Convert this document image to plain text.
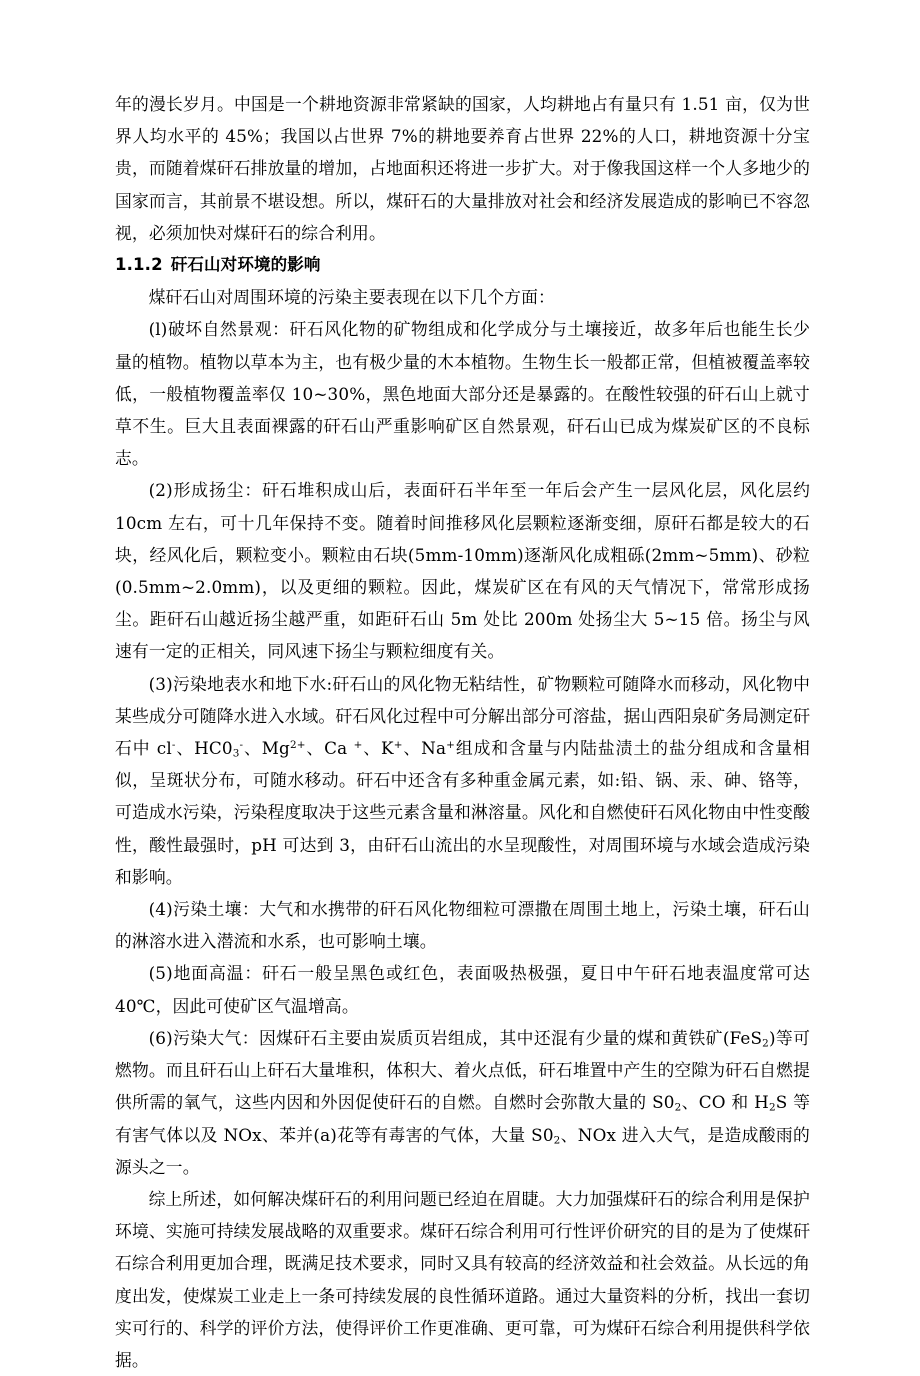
年的漫长岁月。中国是一个耕地资源非常紧缺的国家，人均耕地占有量只有 1.51 亩，仅为世界人均水平的 45%；我国以占世界 7%的耕地要养育占世界 22%的人口，耕地资源十分宝贵，而随着煤矸石排放量的增加，占地面积还将进一步扩大。对于像我国这样一个人多地少的国家而言，其前景不堪设想。所以，煤矸石的大量排放对社会和经济发展造成的影响已不容忽视，必须加快对煤矸石的综合利用。

1.1.2 矸石山对环境的影响

煤矸石山对周围环境的污染主要表现在以下几个方面：

(l)破坏自然景观：矸石风化物的矿物组成和化学成分与土壤接近，故多年后也能生长少量的植物。植物以草本为主，也有极少量的木本植物。生物生长一般都正常，但植被覆盖率较低，一般植物覆盖率仅 10~30%，黑色地面大部分还是暴露的。在酸性较强的矸石山上就寸草不生。巨大且表面裸露的矸石山严重影响矿区自然景观，矸石山已成为煤炭矿区的不良标志。

(2)形成扬尘：矸石堆积成山后，表面矸石半年至一年后会产生一层风化层，风化层约 10cm 左右，可十几年保持不变。随着时间推移风化层颗粒逐渐变细，原矸石都是较大的石块，经风化后，颗粒变小。颗粒由石块(5mm-10mm)逐渐风化成粗砾(2mm~5mm)、砂粒(0.5mm~2.0mm)，以及更细的颗粒。因此，煤炭矿区在有风的天气情况下，常常形成扬尘。距矸石山越近扬尘越严重，如距矸石山 5m 处比 200m 处扬尘大 5~15 倍。扬尘与风速有一定的正相关，同风速下扬尘与颗粒细度有关。

(3)污染地表水和地下水:矸石山的风化物无粘结性，矿物颗粒可随降水而移动，风化物中某些成分可随降水进入水域。矸石风化过程中可分解出部分可溶盐，据山西阳泉矿务局测定矸石中 cl-、$HC0_3^-$、$Mg^{2+}$、Ca +、K+、Na+组成和含量与内陆盐渍土的盐分组成和含量相似，呈斑状分布，可随水移动。矸石中还含有多种重金属元素，如:铅、锅、汞、砷、铬等，可造成水污染，污染程度取决于这些元素含量和淋溶量。风化和自燃使矸石风化物由中性变酸性，酸性最强时，pH 可达到 3，由矸石山流出的水呈现酸性，对周围环境与水域会造成污染和影响。

(4)污染土壤：大气和水携带的矸石风化物细粒可漂撒在周围土地上，污染土壤，矸石山的淋溶水进入潜流和水系，也可影响土壤。

(5)地面高温：矸石一般呈黑色或红色，表面吸热极强，夏日中午矸石地表温度常可达 40℃，因此可使矿区气温增高。

(6)污染大气：因煤矸石主要由炭质页岩组成，其中还混有少量的煤和黄铁矿(FeS$_2$)等可燃物。而且矸石山上矸石大量堆积，体积大、着火点低，矸石堆置中产生的空隙为矸石自燃提供所需的氧气，这些内因和外因促使矸石的自燃。自燃时会弥散大量的 $S0_2$、CO 和 $H_2S$ 等有害气体以及 NOx、苯并(a)花等有毒害的气体，大量 $S0_2$、NOx 进入大气，是造成酸雨的源头之一。

综上所述，如何解决煤矸石的利用问题已经迫在眉睫。大力加强煤矸石的综合利用是保护环境、实施可持续发展战略的双重要求。煤矸石综合利用可行性评价研究的目的是为了使煤矸石综合利用更加合理，既满足技术要求，同时又具有较高的经济效益和社会效益。从长远的角度出发，使煤炭工业走上一条可持续发展的良性循环道路。通过大量资料的分析，找出一套切实可行的、科学的评价方法，使得评价工作更准确、更可靠，可为煤矸石综合利用提供科学依据。
